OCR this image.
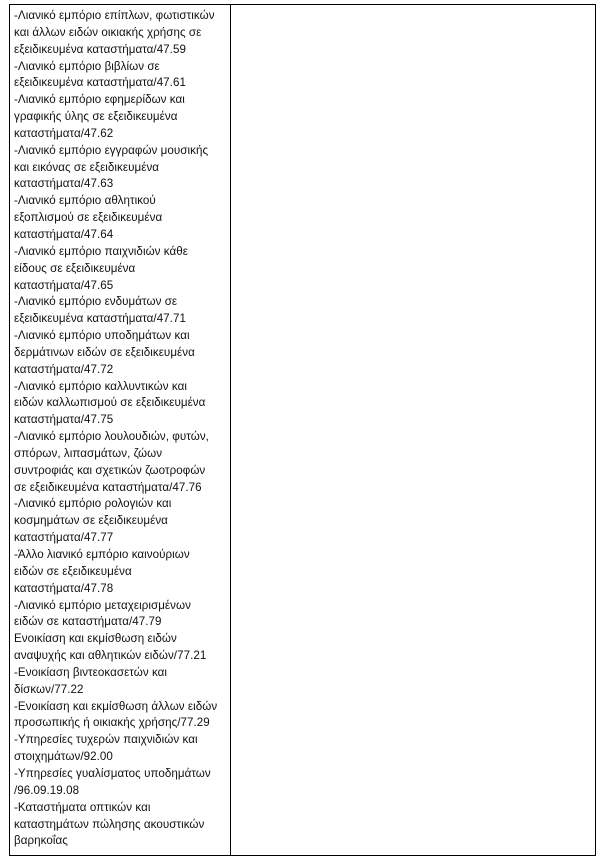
-Λιανικό εμπόριο επίπλων, φωτιστικών
και άλλων ειδών οικιακής χρήσης σε
εξειδικευμένα καταστήματα/47.59
-Λιανικό εμπόριο βιβλίων σε
εξειδικευμένα καταστήματα/47.61
-Λιανικό εμπόριο εφημερίδων και
γραφικής ύλης σε εξειδικευμένα
καταστήματα/47.62
-Λιανικό εμπόριο εγγραφών μουσικής
και εικόνας σε εξειδικευμένα
καταστήματα/47.63
-Λιανικό εμπόριο αθλητικού
εξοπλισμού σε εξειδικευμένα
καταστήματα/47.64
-Λιανικό εμπόριο παιχνιδιών κάθε
είδους σε εξειδικευμένα
καταστήματα/47.65
-Λιανικό εμπόριο ενδυμάτων σε
εξειδικευμένα καταστήματα/47.71
-Λιανικό εμπόριο υποδημάτων και
δερμάτινων ειδών σε εξειδικευμένα
καταστήματα/47.72
-Λιανικό εμπόριο καλλυντικών και
ειδών καλλωπισμού σε εξειδικευμένα
καταστήματα/47.75
-Λιανικό εμπόριο λουλουδιών, φυτών,
σπόρων, λιπασμάτων, ζώων
συντροφιάς και σχετικών ζωοτροφών
σε εξειδικευμένα καταστήματα/47.76
-Λιανικό εμπόριο ρολογιών και
κοσμημάτων σε εξειδικευμένα
καταστήματα/47.77
-Άλλο λιανικό εμπόριο καινούριων
ειδών σε εξειδικευμένα
καταστήματα/47.78
-Λιανικό εμπόριο μεταχειρισμένων
ειδών σε καταστήματα/47.79
Ενοικίαση και εκμίσθωση ειδών
αναψυχής και αθλητικών ειδών/77.21
-Ενοικίαση βιντεοκασετών και
δίσκων/77.22
-Ενοικίαση και εκμίσθωση άλλων ειδών
προσωπικής ή οικιακής χρήσης/77.29
-Υπηρεσίες τυχερών παιχνιδιών και
στοιχημάτων/92.00
-Υπηρεσίες γυαλίσματος υποδημάτων
/96.09.19.08
-Καταστήματα οπτικών και
καταστημάτων πώλησης ακουστικών
βαρηκοΐας
